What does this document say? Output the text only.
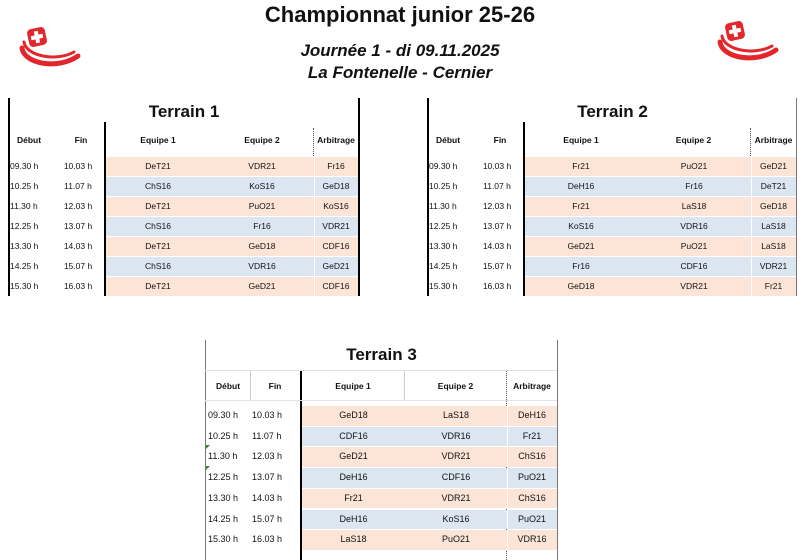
Championnat junior 25-26
Journée 1 - di 09.11.2025
La Fontenelle - Cernier
Terrain 1
Début	Fin	Equipe 1	Equipe 2	Arbitrage
Terrain 2
Début	Fin	Equipe 1	Equipe 2	Arbitrage
Terrain 3
Début	Fin	Equipe 1	Equipe 2	Arbitrage
09.30 h	10.03 h	DeT21	VDR21	Fr16
10.25 h	11.07 h	ChS16	KoS16	GeD18
11.30 h	12.03 h	DeT21	PuO21	KoS16
12.25 h	13.07 h	ChS16	Fr16	VDR21
13.30 h	14.03 h	DeT21	GeD18	CDF16
14.25 h	15.07 h	ChS16	VDR16	GeD21
15.30 h	16.03 h	DeT21	GeD21	CDF16
09.30 h	10.03 h	Fr21	PuO21	GeD21
10.25 h	11.07 h	DeH16	Fr16	DeT21
11.30 h	12.03 h	Fr21	LaS18	GeD18
12.25 h	13.07 h	KoS16	VDR16	LaS18
13.30 h	14.03 h	GeD21	PuO21	LaS18
14.25 h	15.07 h	Fr16	CDF16	VDR21
15.30 h	16.03 h	GeD18	VDR21	Fr21
09.30 h	10.03 h	GeD18	LaS18	DeH16
10.25 h	11.07 h	CDF16	VDR16	Fr21
11.30 h	12.03 h	GeD21	VDR21	ChS16
12.25 h	13.07 h	DeH16	CDF16	PuO21
13.30 h	14.03 h	Fr21	VDR21	ChS16
14.25 h	15.07 h	DeH16	KoS16	PuO21
15.30 h	16.03 h	LaS18	PuO21	VDR16
